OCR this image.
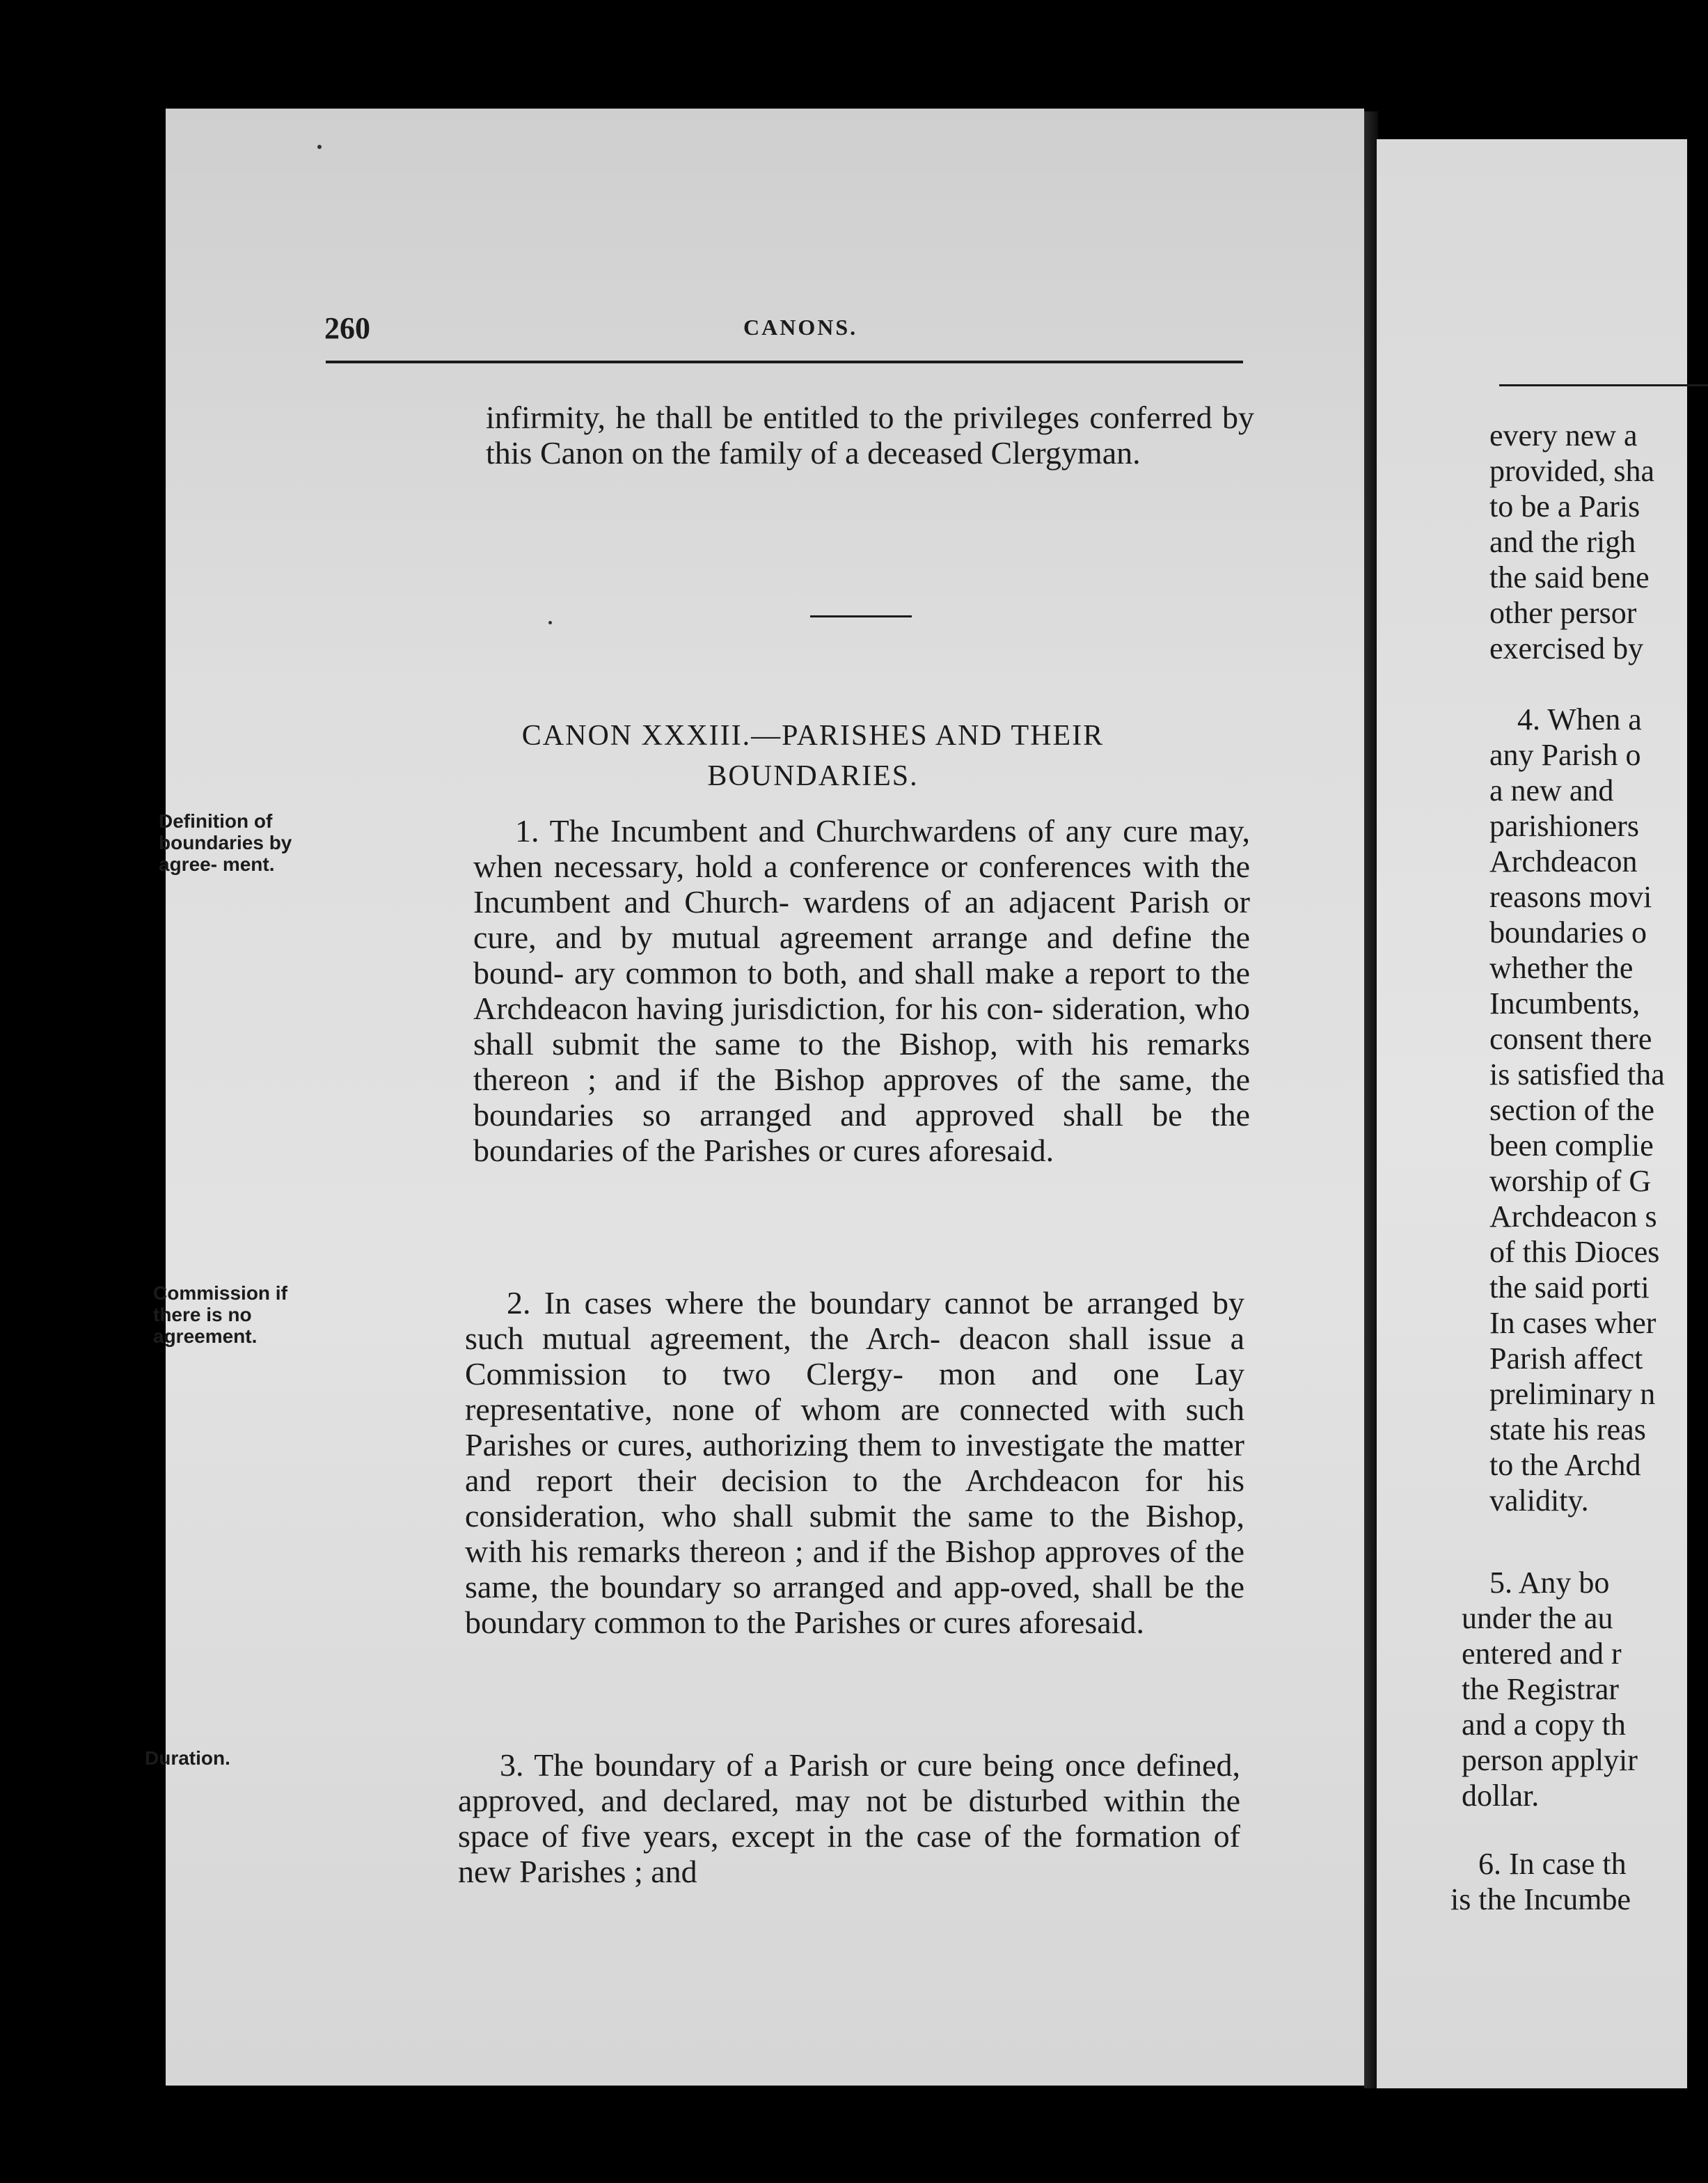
260	CANONS.

infirmity, he thall be entitled to the privileges conferred by this Canon on the family of a deceased Clergyman.

CANON XXXIII.—PARISHES AND THEIR
BOUNDARIES.
Definition of boundaries by agree- ment.

1. The Incumbent and Churchwardens of any cure may, when necessary, hold a conference or conferences with the Incumbent and Church- wardens of an adjacent Parish or cure, and by mutual agreement arrange and define the bound- ary common to both, and shall make a report to the Archdeacon having jurisdiction, for his con- sideration, who shall submit the same to the Bishop, with his remarks thereon ; and if the Bishop approves of the same, the boundaries so arranged and approved shall be the boundaries of the Parishes or cures aforesaid.

Commission if there is no agreement.

2. In cases where the boundary cannot be arranged by such mutual agreement, the Arch- deacon shall issue a Commission to two Clergy- mon and one Lay representative, none of whom are connected with such Parishes or cures, authorizing them to investigate the matter and report their decision to the Archdeacon for his consideration, who shall submit the same to the Bishop, with his remarks thereon ; and if the Bishop approves of the same, the boundary so arranged and app-oved, shall be the boundary common to the Parishes or cures aforesaid.

Duration.	3. The boundary of a Parish or cure being once defined, approved, and declared, may not be disturbed within the space of five years, except in the case of the formation of new Parishes ; and

every new a
provided, sha
to be a Paris
and the righ
the said bene
other persor
exercised by
4. When a
any Parish o
a new and
parishioners
Archdeacon
reasons movi
boundaries o
whether the
Incumbents,
consent there
is satisfied tha
section of the
been complie
worship of G
Archdeacon s
of this Dioces
the said porti
In cases wher
Parish affect
preliminary n
state his reas
to the Archd
validity.
5. Any bo
under the au
entered and r
the Registrar
and a copy th
person applyir
dollar.
6. In case th
is the Incumbe
